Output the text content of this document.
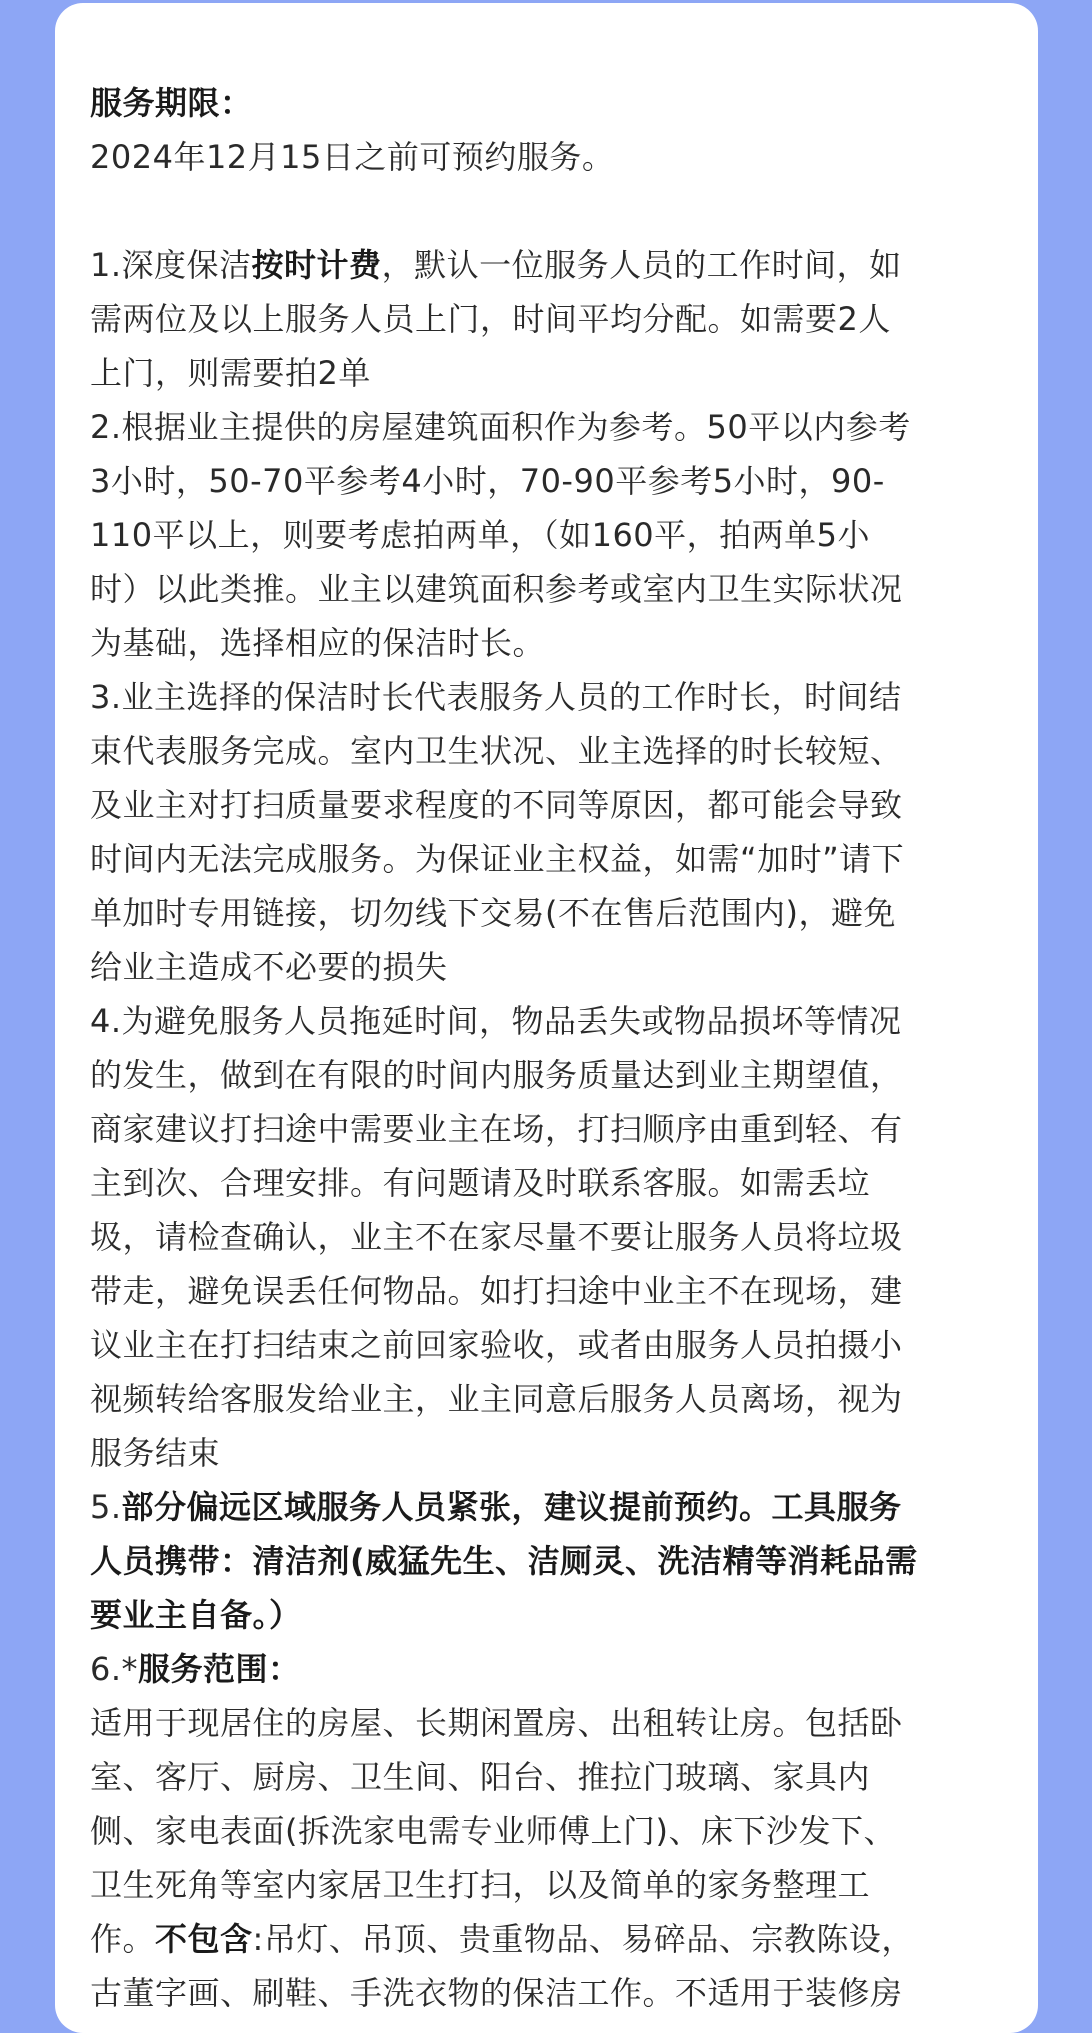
服务期限：
2024年12月15日之前可预约服务。
1.深度保洁按时计费，默认一位服务人员的工作时间，如
需两位及以上服务人员上门，时间平均分配。如需要2人
上门，则需要拍2单
2.根据业主提供的房屋建筑面积作为参考。50平以内参考
3小时，50-70平参考4小时，70-90平参考5小时，90-
110平以上，则要考虑拍两单，（如160平，拍两单5小
时）以此类推。业主以建筑面积参考或室内卫生实际状况
为基础，选择相应的保洁时长。
3.业主选择的保洁时长代表服务人员的工作时长，时间结
束代表服务完成。室内卫生状况、业主选择的时长较短、
及业主对打扫质量要求程度的不同等原因，都可能会导致
时间内无法完成服务。为保证业主权益，如需“加时”请下
单加时专用链接，切勿线下交易(不在售后范围内)，避免
给业主造成不必要的损失
4.为避免服务人员拖延时间，物品丢失或物品损坏等情况
的发生，做到在有限的时间内服务质量达到业主期望值，
商家建议打扫途中需要业主在场，打扫顺序由重到轻、有
主到次、合理安排。有问题请及时联系客服。如需丢垃
圾，请检查确认，业主不在家尽量不要让服务人员将垃圾
带走，避免误丢任何物品。如打扫途中业主不在现场，建
议业主在打扫结束之前回家验收，或者由服务人员拍摄小
视频转给客服发给业主，业主同意后服务人员离场，视为
服务结束
5.部分偏远区域服务人员紧张，建议提前预约。工具服务
人员携带：清洁剂(威猛先生、洁厕灵、洗洁精等消耗品需
要业主自备。）
6.*服务范围：
适用于现居住的房屋、长期闲置房、出租转让房。包括卧
室、客厅、厨房、卫生间、阳台、推拉门玻璃、家具内
侧、家电表面(拆洗家电需专业师傅上门)、床下沙发下、
卫生死角等室内家居卫生打扫，以及简单的家务整理工
作。不包含:吊灯、吊顶、贵重物品、易碎品、宗教陈设，
古董字画、刷鞋、手洗衣物的保洁工作。不适用于装修房
